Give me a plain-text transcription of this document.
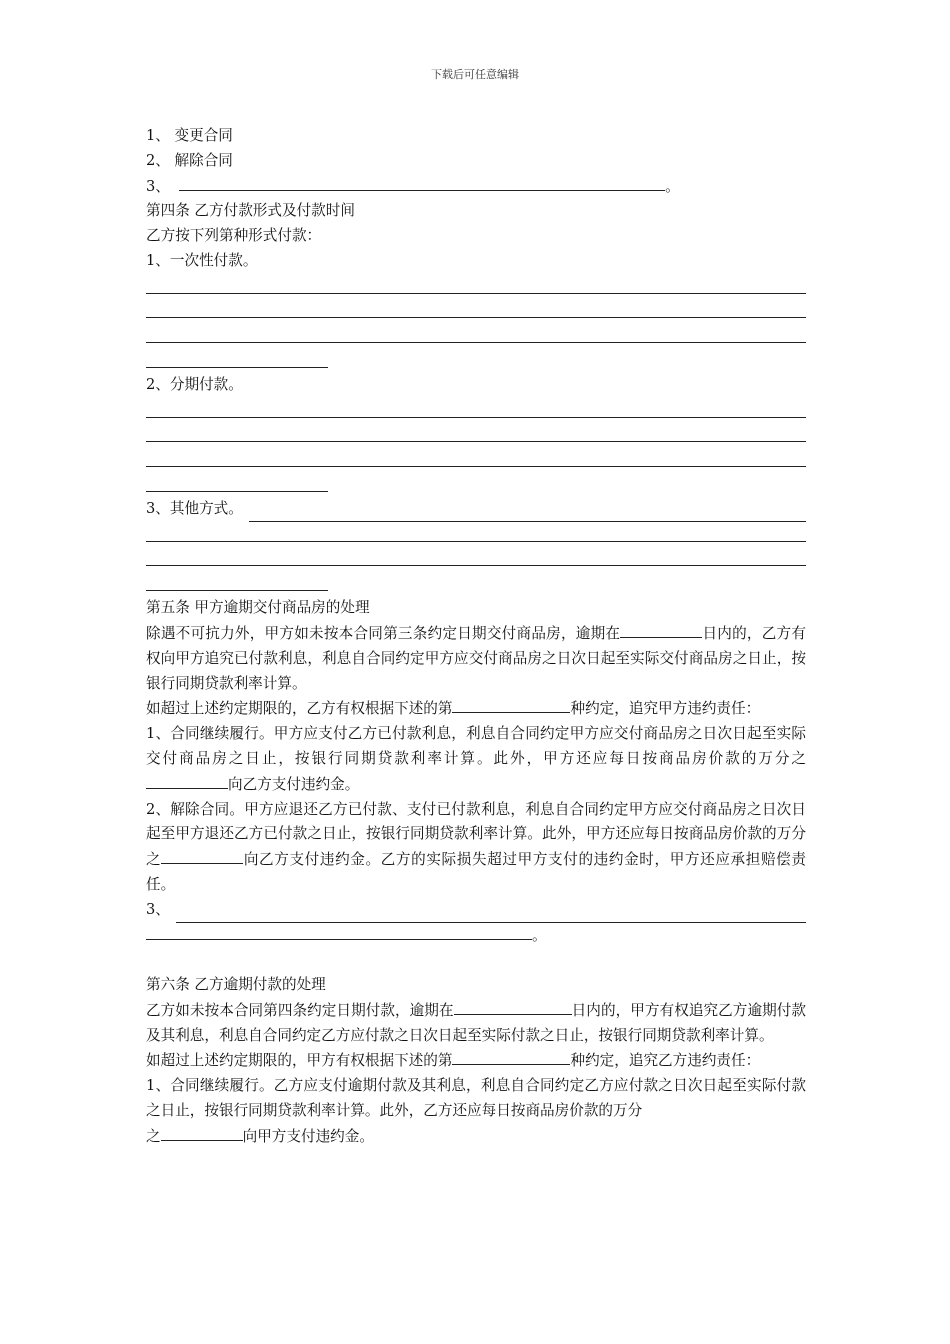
下载后可任意编辑

1、 变更合同

2、 解除合同

3、	。

第四条 乙方付款形式及付款时间

乙方按下列第种形式付款：

1、一次性付款。

2、分期付款。

3、其他方式。

第五条 甲方逾期交付商品房的处理

除遇不可抗力外，甲方如未按本合同第三条约定日期交付商品房，逾期在	日内的，乙方有权向甲方追究已付款利息，利息自合同约定甲方应交付商品房之日次日起至实际交付商品房之日止，按银行同期贷款利率计算。

如超过上述约定期限的，乙方有权根据下述的第	种约定，追究甲方违约责任：

1、合同继续履行。甲方应支付乙方已付款利息，利息自合同约定甲方应交付商品房之日次日起至实际交付商品房之日止，按银行同期贷款利率计算。此外，甲方还应每日按商品房价款的万分之向乙方支付违约金。

2、解除合同。甲方应退还乙方已付款、支付已付款利息，利息自合同约定甲方应交付商品房之日次日起至甲方退还乙方已付款之日止，按银行同期贷款利率计算。此外，甲方还应每日按商品房价款的万分之	向乙方支付违约金。乙方的实际损失超过甲方支付的违约金时，甲方还应承担赔偿责任。

3、

。

第六条 乙方逾期付款的处理

乙方如未按本合同第四条约定日期付款，逾期在	日内的，甲方有权追究乙方逾期付款及其利息，利息自合同约定乙方应付款之日次日起至实际付款之日止，按银行同期贷款利率计算。

如超过上述约定期限的，甲方有权根据下述的第	种约定，追究乙方违约责任：

1、合同继续履行。乙方应支付逾期付款及其利息，利息自合同约定乙方应付款之日次日起至实际付款之日止，按银行同期贷款利率计算。此外，乙方还应每日按商品房价款的万分
之	向甲方支付违约金。
